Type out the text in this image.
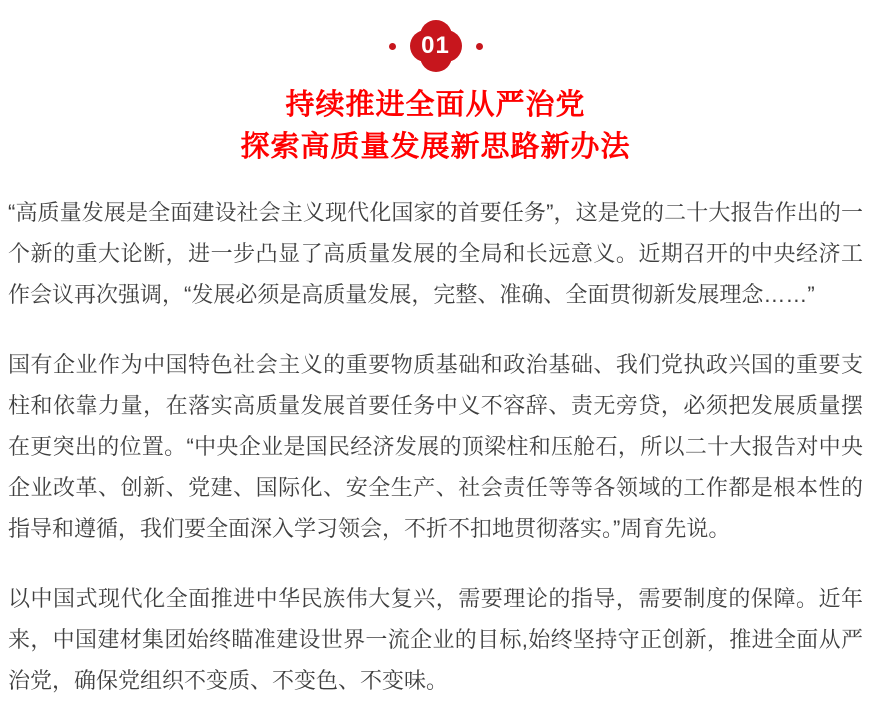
01
持续推进全面从严治党
探索高质量发展新思路新办法

“高质量发展是全面建设社会主义现代化国家的首要任务”，这是党的二十大报告作出的一个新的重大论断，进一步凸显了高质量发展的全局和长远意义。近期召开的中央经济工作会议再次强调，“发展必须是高质量发展，完整、准确、全面贯彻新发展理念……”

国有企业作为中国特色社会主义的重要物质基础和政治基础、我们党执政兴国的重要支柱和依靠力量，在落实高质量发展首要任务中义不容辞、责无旁贷，必须把发展质量摆在更突出的位置。“中央企业是国民经济发展的顶梁柱和压舱石，所以二十大报告对中央企业改革、创新、党建、国际化、安全生产、社会责任等等各领域的工作都是根本性的指导和遵循，我们要全面深入学习领会，不折不扣地贯彻落实。”周育先说。

以中国式现代化全面推进中华民族伟大复兴，需要理论的指导，需要制度的保障。近年来，中国建材集团始终瞄准建设世界一流企业的目标,始终坚持守正创新，推进全面从严治党，确保党组织不变质、不变色、不变味。
